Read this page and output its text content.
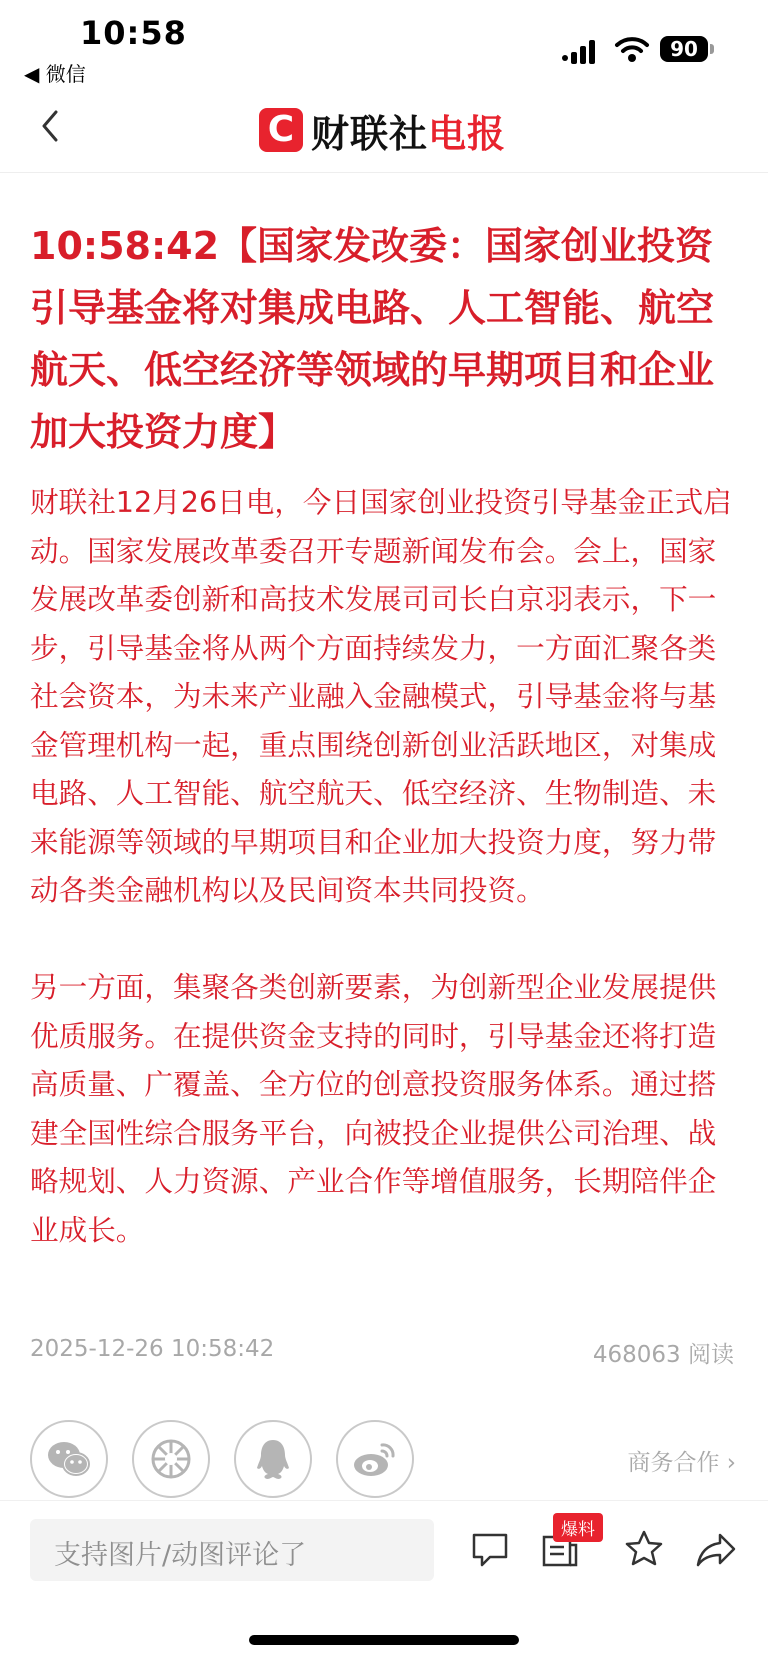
10:58
◀ 微信
90
C 财联社电报
10:58:42【国家发改委：国家创业投资引导基金将对集成电路、人工智能、航空航天、低空经济等领域的早期项目和企业加大投资力度】

财联社12月26日电，今日国家创业投资引导基金正式启动。国家发展改革委召开专题新闻发布会。会上，国家发展改革委创新和高技术发展司司长白京羽表示，下一步，引导基金将从两个方面持续发力，一方面汇聚各类社会资本，为未来产业融入金融模式，引导基金将与基金管理机构一起，重点围绕创新创业活跃地区，对集成电路、人工智能、航空航天、低空经济、生物制造、未来能源等领域的早期项目和企业加大投资力度，努力带动各类金融机构以及民间资本共同投资。

另一方面，集聚各类创新要素，为创新型企业发展提供优质服务。在提供资金支持的同时，引导基金还将打造高质量、广覆盖、全方位的创意投资服务体系。通过搭建全国性综合服务平台，向被投企业提供公司治理、战略规划、人力资源、产业合作等增值服务，长期陪伴企业成长。

2025-12-26 10:58:42	468063 阅读
商务合作 ›
支持图片/动图评论了
爆料
